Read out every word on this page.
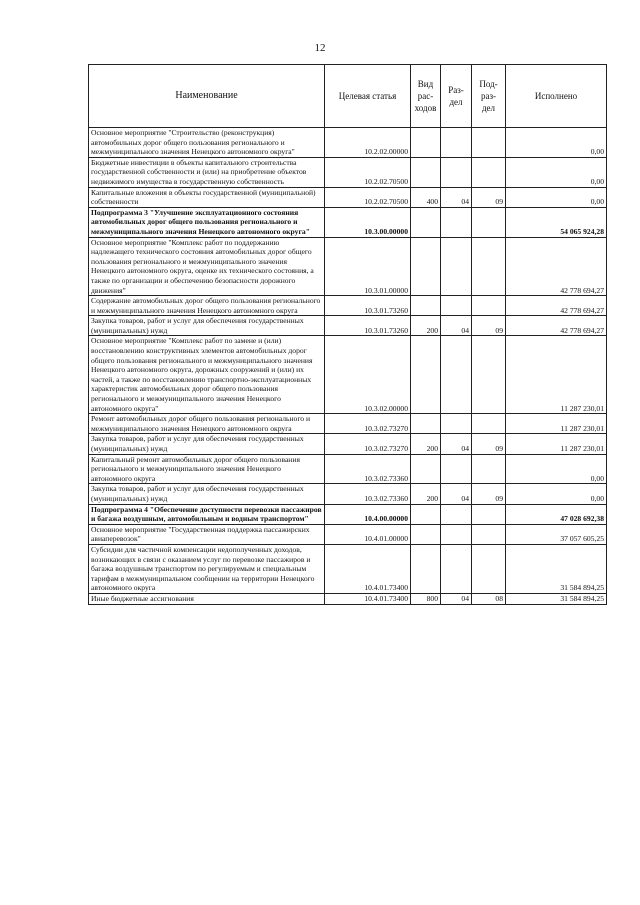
12
Наименование	Целевая статья	Вид рас-ходов	Раз-дел	Под-раз-дел	Исполнено
Основное мероприятие "Строительство (реконструкция) автомобильных дорог общего пользования регионального и межмуниципального значения Ненецкого автономного округа"	10.2.02.00000				0,00
Бюджетные инвестиции в объекты капитального строительства государственной собственности и (или) на приобретение объектов недвижимого имущества в государственную собственность	10.2.02.70500				0,00
Капитальные вложения в объекты государственной (муниципальной) собственности	10.2.02.70500	400	04	09	0,00
Подпрограмма 3 "Улучшение эксплуатационного состояния автомобильных дорог общего пользования регионального и межмуниципального значения Ненецкого автономного округа"	10.3.00.00000				54 065 924,28
Основное мероприятие "Комплекс работ по поддержанию надлежащего технического состояния автомобильных дорог общего пользования регионального и межмуниципального значения Ненецкого автономного округа, оценке их технического состояния, а также по организации и обеспечению безопасности дорожного движения"	10.3.01.00000				42 778 694,27
Содержание автомобильных дорог общего пользования регионального и межмуниципального значения Ненецкого автономного округа	10.3.01.73260				42 778 694,27
Закупка товаров, работ и услуг для обеспечения государственных (муниципальных) нужд	10.3.01.73260	200	04	09	42 778 694,27
Основное мероприятие "Комплекс работ по замене и (или) восстановлению конструктивных элементов автомобильных дорог общего пользования регионального и межмуниципального значения Ненецкого автономного округа, дорожных сооружений и (или) их частей, а также по восстановлению транспортно-эксплуатационных характеристик автомобильных дорог общего пользования регионального и межмуниципального значения Ненецкого автономного округа"	10.3.02.00000				11 287 230,01
Ремонт автомобильных дорог общего пользования регионального и межмуниципального значения Ненецкого автономного округа	10.3.02.73270				11 287 230,01
Закупка товаров, работ и услуг для обеспечения государственных (муниципальных) нужд	10.3.02.73270	200	04	09	11 287 230,01
Капитальный ремонт автомобильных дорог общего пользования регионального и межмуниципального значения Ненецкого автономного округа	10.3.02.73360				0,00
Закупка товаров, работ и услуг для обеспечения государственных (муниципальных) нужд	10.3.02.73360	200	04	09	0,00
Подпрограмма 4 "Обеспечение доступности перевозки пассажиров и багажа воздушным, автомобильным и водным транспортом"	10.4.00.00000				47 028 692,38
Основное мероприятие "Государственная поддержка пассажирских авиаперевозок"	10.4.01.00000				37 057 605,25
Субсидии для частичной компенсации недополученных доходов, возникающих в связи с оказанием услуг по перевозке пассажиров и багажа воздушным транспортом по регулируемым и специальным тарифам в межмуниципальном сообщении на территории Ненецкого автономного округа	10.4.01.73400				31 584 894,25
Иные бюджетные ассигнования	10.4.01.73400	800	04	08	31 584 894,25
